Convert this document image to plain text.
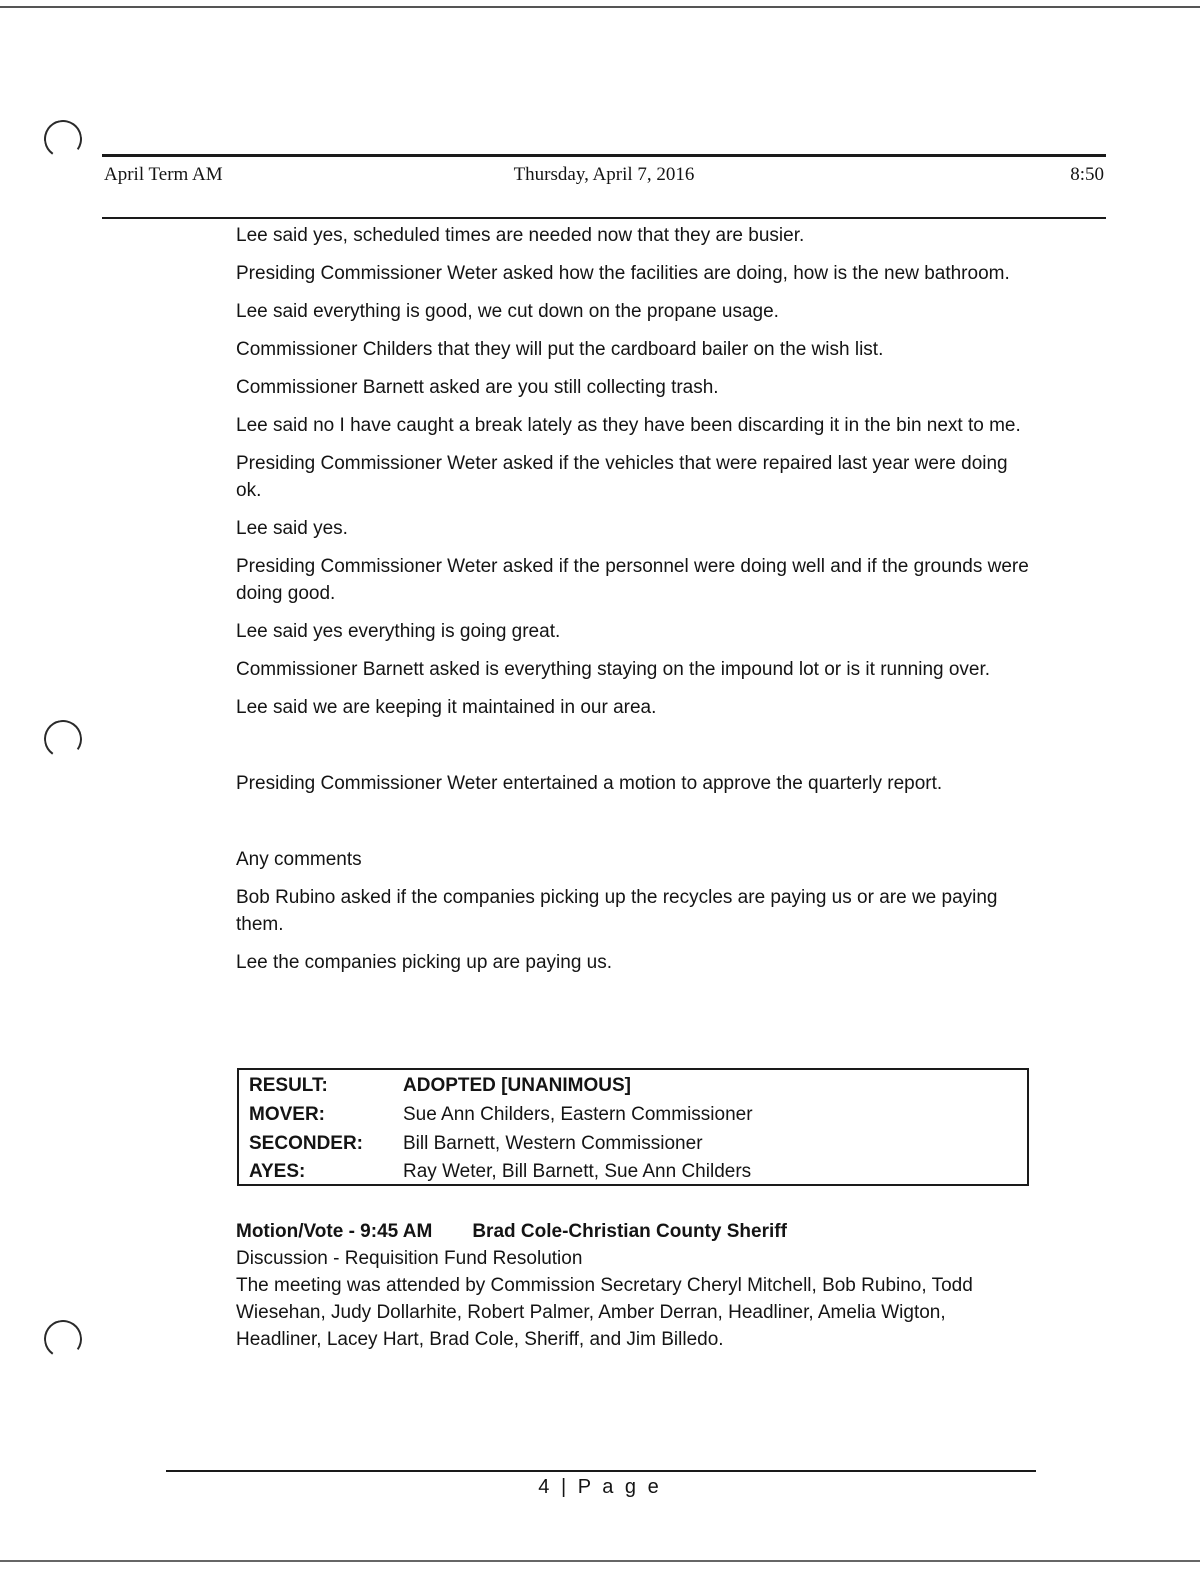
April Term AM	Thursday, April 7, 2016	8:50

Lee said yes, scheduled times are needed now that they are busier.

Presiding Commissioner Weter asked how the facilities are doing, how is the new bathroom.

Lee said everything is good, we cut down on the propane usage.

Commissioner Childers that they will put the cardboard bailer on the wish list.

Commissioner Barnett asked are you still collecting trash.

Lee said no I have caught a break lately as they have been discarding it in the bin next to me.

Presiding Commissioner Weter asked if the vehicles that were repaired last year were doing ok.

Lee said yes.

Presiding Commissioner Weter asked if the personnel were doing well and if the grounds were doing good.

Lee said yes everything is going great.

Commissioner Barnett asked is everything staying on the impound lot or is it running over.

Lee said we are keeping it maintained in our area.

Presiding Commissioner Weter entertained a motion to approve the quarterly report.

Any comments

Bob Rubino asked if the companies picking up the recycles are paying us or are we paying them.

Lee the companies picking up are paying us.

RESULT:	ADOPTED [UNANIMOUS]
MOVER:	Sue Ann Childers, Eastern Commissioner
SECONDER:	Bill Barnett, Western Commissioner
AYES:	Ray Weter, Bill Barnett, Sue Ann Childers
Motion/Vote - 9:45 AM Brad Cole-Christian County Sheriff
Discussion - Requisition Fund Resolution
The meeting was attended by Commission Secretary Cheryl Mitchell, Bob Rubino, Todd Wiesehan, Judy Dollarhite, Robert Palmer, Amber Derran, Headliner, Amelia Wigton, Headliner, Lacey Hart, Brad Cole, Sheriff, and Jim Billedo.
4 | P a g e
